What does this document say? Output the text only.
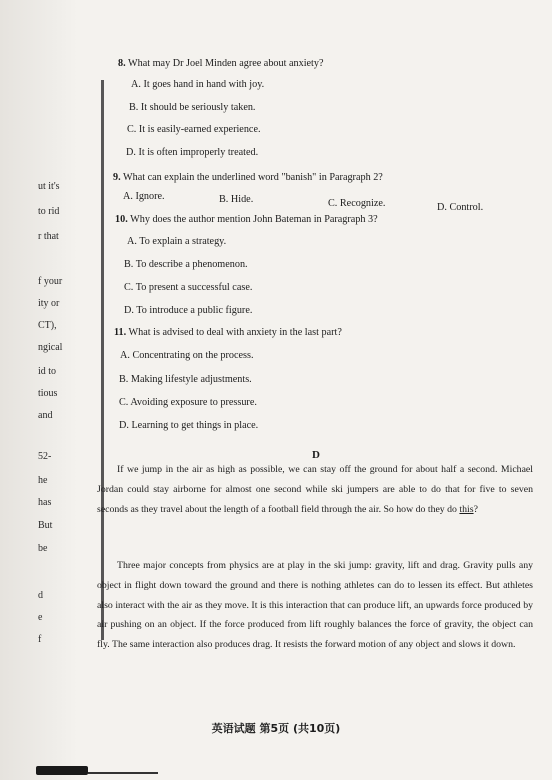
ut it's
to rid
r that
f your
ity or
CT),
ngical
id to
tious
and
52-
he
has
But
be
d
e
f
8. What may Dr Joel Minden agree about anxiety?
A. It goes hand in hand with joy.
B. It should be seriously taken.
C. It is easily-earned experience.
D. It is often improperly treated.
9. What can explain the underlined word "banish" in Paragraph 2?
A. Ignore.	B. Hide.	C. Recognize.	D. Control.
10. Why does the author mention John Bateman in Paragraph 3?
A. To explain a strategy.
B. To describe a phenomenon.
C. To present a successful case.
D. To introduce a public figure.
11. What is advised to deal with anxiety in the last part?
A. Concentrating on the process.
B. Making lifestyle adjustments.
C. Avoiding exposure to pressure.
D. Learning to get things in place.
D
If we jump in the air as high as possible, we can stay off the ground for about half a second. Michael Jordan could stay airborne for almost one second while ski jumpers are able to do that for five to seven seconds as they travel about the length of a football field through the air. So how do they do this?
Three major concepts from physics are at play in the ski jump: gravity, lift and drag. Gravity pulls any object in flight down toward the ground and there is nothing athletes can do to lessen its effect. But athletes also interact with the air as they move. It is this interaction that can produce lift, an upwards force produced by air pushing on an object. If the force produced from lift roughly balances the force of gravity, the object can fly. The same interaction also produces drag. It resists the forward motion of any object and slows it down.
英语试题 第5页 (共10页)
